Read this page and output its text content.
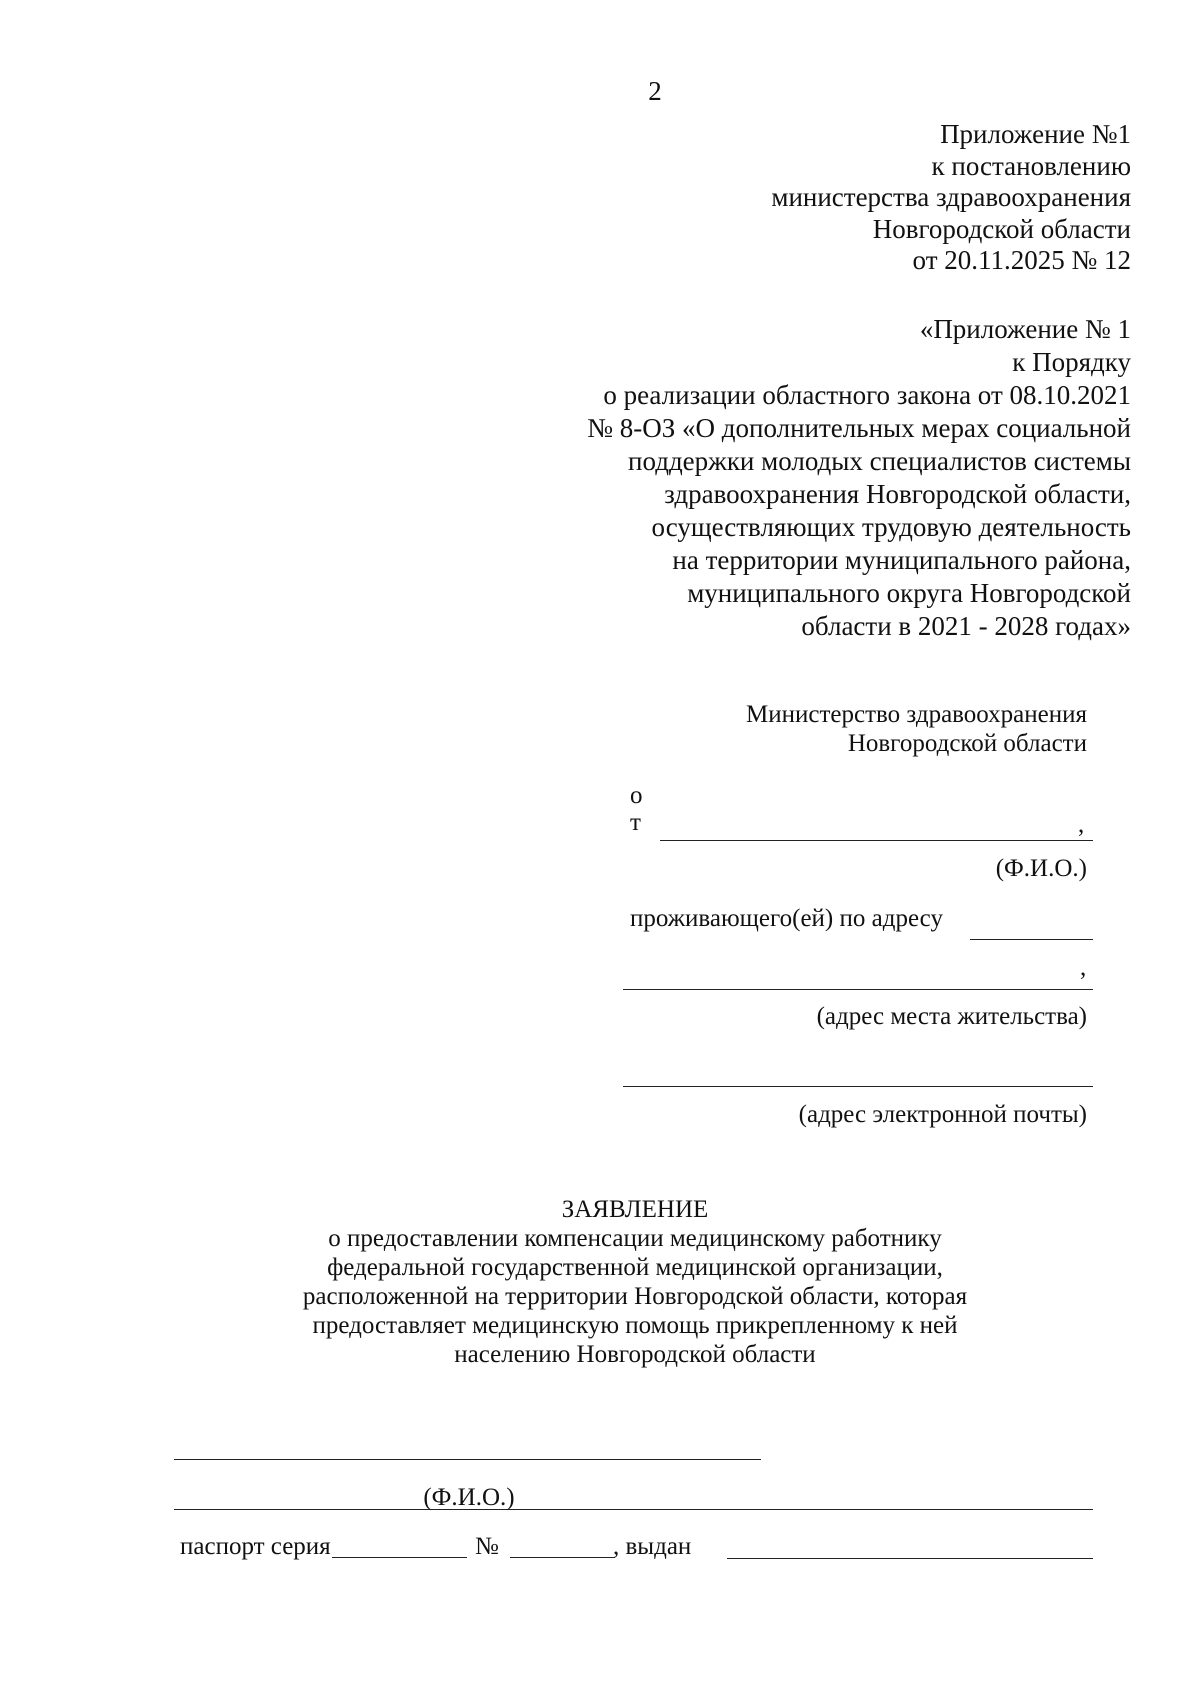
2
Приложение №1
к постановлению
министерства здравоохранения
Новгородской области
от 20.11.2025 № 12
«Приложение № 1
к Порядку
о реализации областного закона от 08.10.2021
№ 8-ОЗ «О дополнительных мерах социальной
поддержки молодых специалистов системы
здравоохранения Новгородской области,
осуществляющих трудовую деятельность
на территории муниципального района,
муниципального округа Новгородской
области в 2021 - 2028 годах»
Министерство здравоохранения
Новгородской области
о
т	,
(Ф.И.О.)
проживающего(ей) по адресу
,
(адрес места жительства)
(адрес электронной почты)
ЗАЯВЛЕНИЕ
о предоставлении компенсации медицинскому работнику
федеральной государственной медицинской организации,
расположенной на территории Новгородской области, которая
предоставляет медицинскую помощь прикрепленному к ней
населению Новгородской области
(Ф.И.О.)
паспорт серия	№	, выдан
